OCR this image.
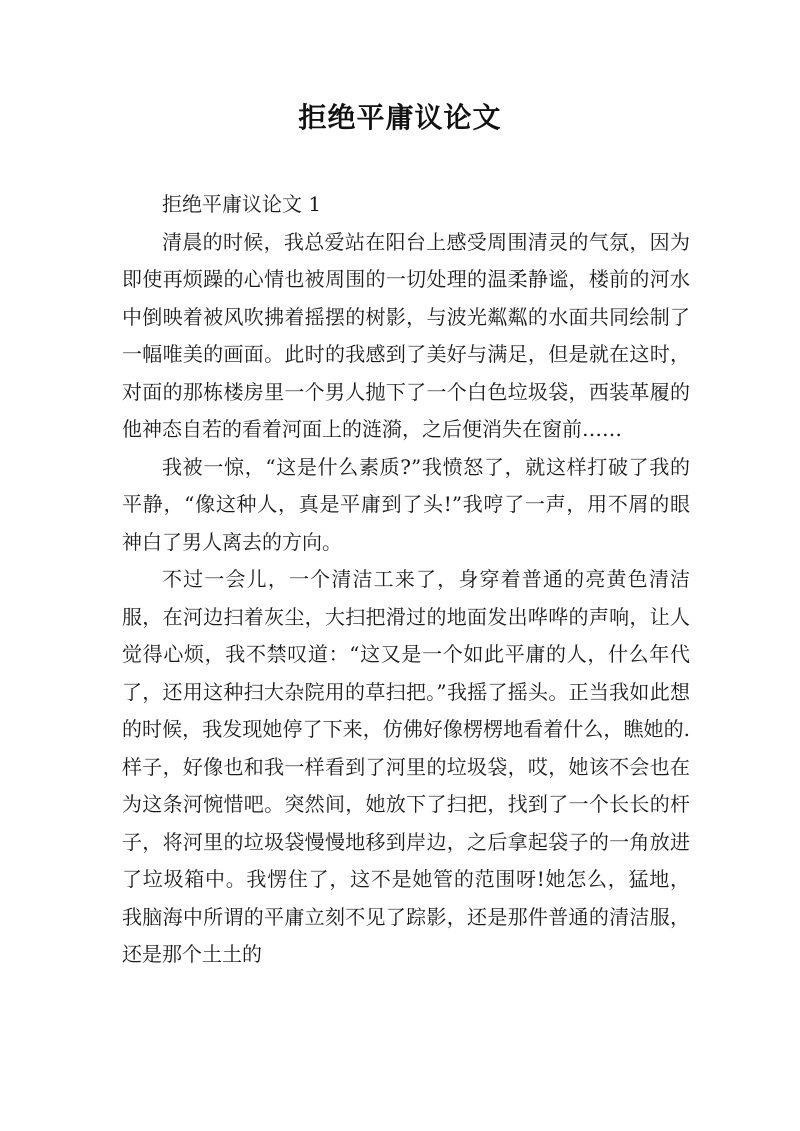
拒绝平庸议论文

拒绝平庸议论文 1

清晨的时候，我总爱站在阳台上感受周围清灵的气氛，因为即使再烦躁的心情也被周围的一切处理的温柔静谧，楼前的河水中倒映着被风吹拂着摇摆的树影，与波光粼粼的水面共同绘制了一幅唯美的画面。此时的我感到了美好与满足，但是就在这时，对面的那栋楼房里一个男人抛下了一个白色垃圾袋，西装革履的他神态自若的看着河面上的涟漪，之后便消失在窗前……

我被一惊，“这是什么素质?”我愤怒了，就这样打破了我的平静，“像这种人，真是平庸到了头!”我哼了一声，用不屑的眼神白了男人离去的方向。

不过一会儿，一个清洁工来了，身穿着普通的亮黄色清洁服，在河边扫着灰尘，大扫把滑过的地面发出哗哗的声响，让人觉得心烦，我不禁叹道：“这又是一个如此平庸的人，什么年代了，还用这种扫大杂院用的草扫把。”我摇了摇头。正当我如此想的时候，我发现她停了下来，仿佛好像楞楞地看着什么，瞧她的.样子，好像也和我一样看到了河里的垃圾袋，哎，她该不会也在为这条河惋惜吧。突然间，她放下了扫把，找到了一个长长的杆子，将河里的垃圾袋慢慢地移到岸边，之后拿起袋子的一角放进了垃圾箱中。我愣住了，这不是她管的范围呀!她怎么，猛地，我脑海中所谓的平庸立刻不见了踪影，还是那件普通的清洁服，还是那个土土的
